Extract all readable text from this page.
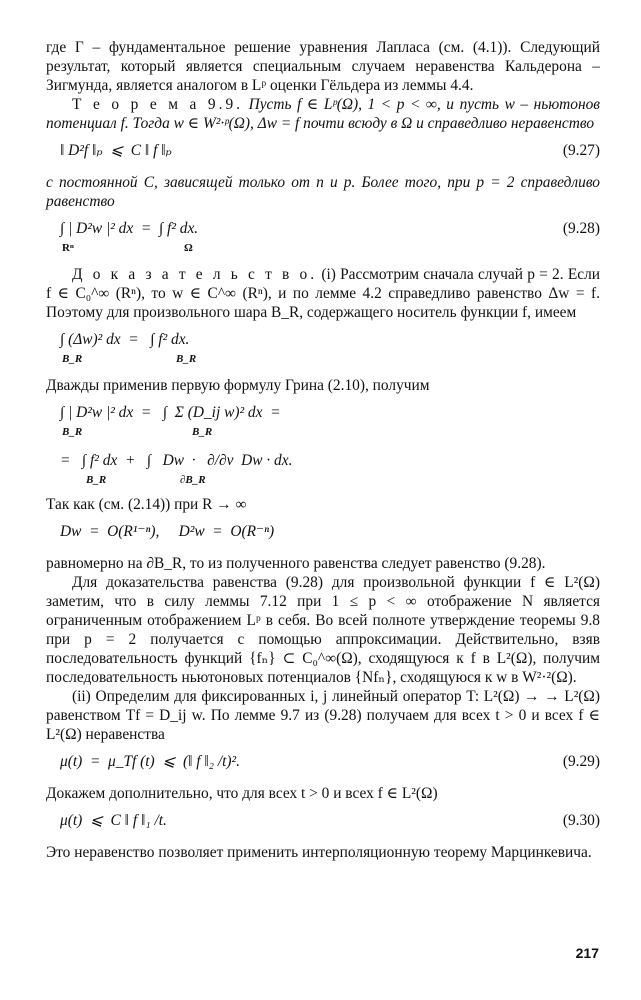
где Γ – фундаментальное решение уравнения Лапласа (см. (4.1)). Следующий результат, который является специальным случаем неравенства Кальдерона – Зигмунда, является аналогом в Lᵖ оценки Гёльдера из леммы 4.4.

Т е о р е м а 9.9. Пусть f ∈ Lᵖ(Ω), 1 < p < ∞, и пусть w – ньютонов потенциал f. Тогда w ∈ W²·ᵖ(Ω), Δw = f почти всюду в Ω и справедливо неравенство

‖ D²f ‖ₚ  ⩽  C ‖ f ‖ₚ	(9.27)

с постоянной C, зависящей только от n и p. Более того, при p = 2 справедливо равенство

∫ | D²w |² dx  =  ∫ f² dx.
Rⁿ	Ω
(9.28)

Д о к а з а т е л ь с т в о. (i) Рассмотрим сначала случай p = 2. Если f ∈ C₀^∞ (Rⁿ), то w ∈ C^∞ (Rⁿ), и по лемме 4.2 справедливо равенство Δw = f. Поэтому для произвольного шара B_R, содержащего носитель функции f, имеем

∫ (Δw)² dx  =   ∫ f² dx.
B_R	B_R

Дважды применив первую формулу Грина (2.10), получим

∫ | D²w |² dx  =   ∫  Σ (D_ij w)² dx  =
B_R	B_R
=   ∫ f² dx  +   ∫   Dw  ·   ∂/∂ν  Dw · dx.
B_R	∂B_R

Так как (см. (2.14)) при R → ∞

Dw  =  O(R¹⁻ⁿ),     D²w  =  O(R⁻ⁿ)

равномерно на ∂B_R, то из полученного равенства следует равенство (9.28).

Для доказательства равенства (9.28) для произвольной функции f ∈ L²(Ω) заметим, что в силу леммы 7.12 при 1 ≤ p < ∞ отображение N является ограниченным отображением Lᵖ в себя. Во всей полноте утверждение теоремы 9.8 при p = 2 получается с помощью аппроксимации. Действительно, взяв последовательность функций {fₙ} ⊂ C₀^∞(Ω), сходящуюся к f в L²(Ω), получим последовательность ньютоновых потенциалов {Nfₙ}, сходящуюся к w в W²·²(Ω).

(ii) Определим для фиксированных i, j линейный оператор T: L²(Ω) → → L²(Ω) равенством Tf = D_ij w. По лемме 9.7 из (9.28) получаем для всех t > 0 и всех f ∈ L²(Ω) неравенства

μ(t)  =  μ_Tf (t)  ⩽  (‖ f ‖₂ /t)².	(9.29)

Докажем дополнительно, что для всех t > 0 и всех f ∈ L²(Ω)

μ(t)  ⩽  C ‖ f ‖₁ /t.	(9.30)

Это неравенство позволяет применить интерполяционную теорему Марцинкевича.

217
